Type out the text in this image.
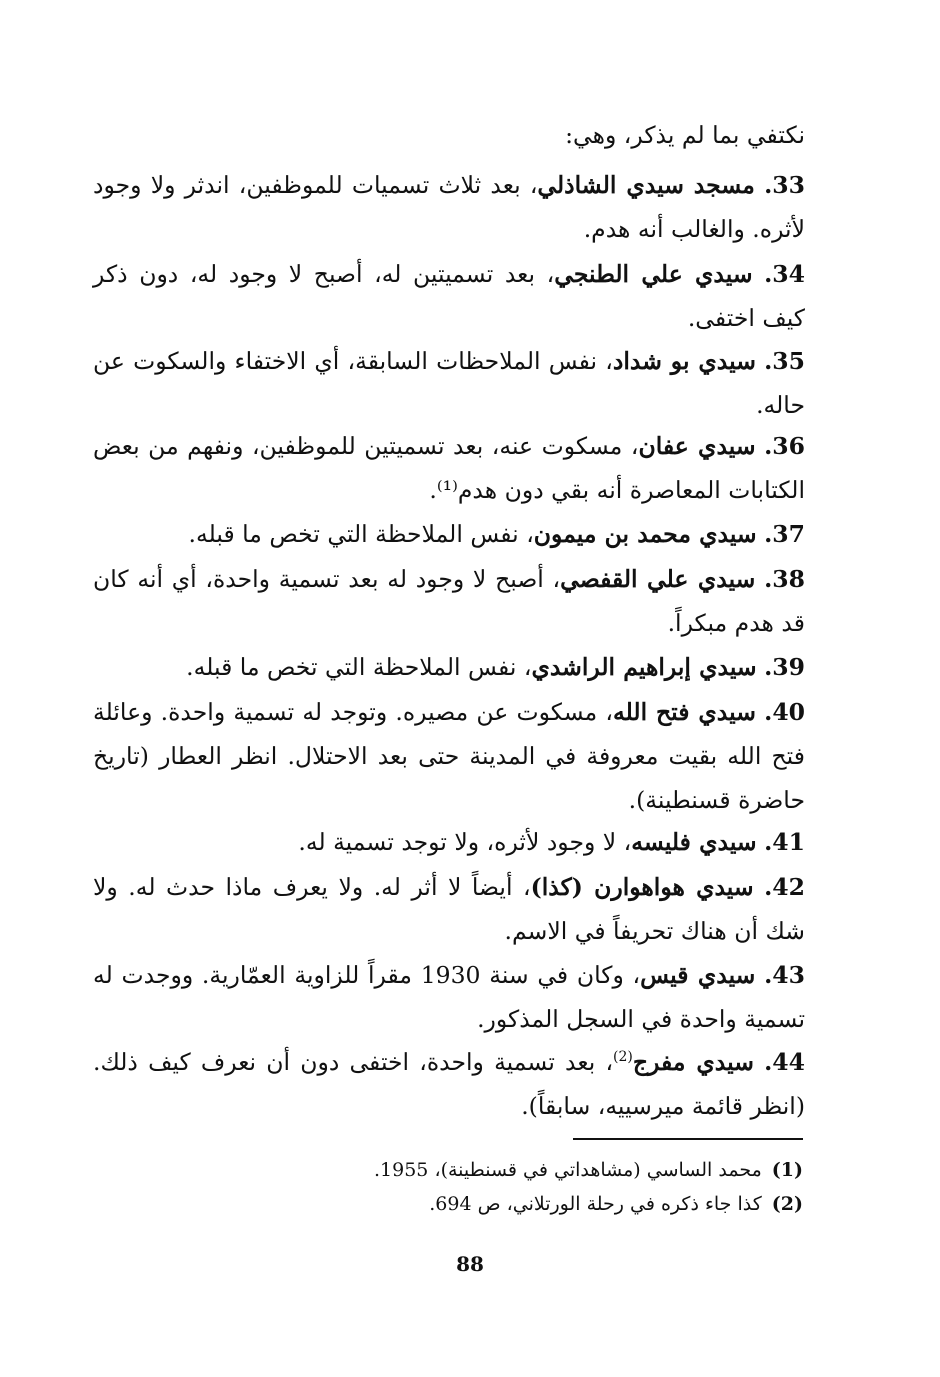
نكتفي بما لم يذكر، وهي:

33. مسجد سيدي الشاذلي، بعد ثلاث تسميات للموظفين، اندثر ولا وجود لأثره. والغالب أنه هدم.

34. سيدي علي الطنجي، بعد تسميتين له، أصبح لا وجود له، دون ذكر كيف اختفى.

35. سيدي بو شداد، نفس الملاحظات السابقة، أي الاختفاء والسكوت عن حاله.

36. سيدي عفان، مسكوت عنه، بعد تسميتين للموظفين، ونفهم من بعض الكتابات المعاصرة أنه بقي دون هدم⁽¹⁾.

37. سيدي محمد بن ميمون، نفس الملاحظة التي تخص ما قبله.

38. سيدي علي القفصي، أصبح لا وجود له بعد تسمية واحدة، أي أنه كان قد هدم مبكراً.

39. سيدي إبراهيم الراشدي، نفس الملاحظة التي تخص ما قبله.

40. سيدي فتح الله، مسكوت عن مصيره. وتوجد له تسمية واحدة. وعائلة فتح الله بقيت معروفة في المدينة حتى بعد الاحتلال. انظر العطار (تاريخ حاضرة قسنطينة).

41. سيدي فليسه، لا وجود لأثره، ولا توجد تسمية له.

42. سيدي هواهوارن (كذا)، أيضاً لا أثر له. ولا يعرف ماذا حدث له. ولا شك أن هناك تحريفاً في الاسم.

43. سيدي قيس، وكان في سنة 1930 مقراً للزاوية العمّارية. ووجدت له تسمية واحدة في السجل المذكور.

44. سيدي مفرج$^{(2)}$، بعد تسمية واحدة، اختفى دون أن نعرف كيف ذلك. (انظر قائمة ميرسييه، سابقاً).

(1)محمد الساسي (مشاهداتي في قسنطينة)، 1955.

(2)كذا جاء ذكره في رحلة الورتلاني، ص 694.

88
